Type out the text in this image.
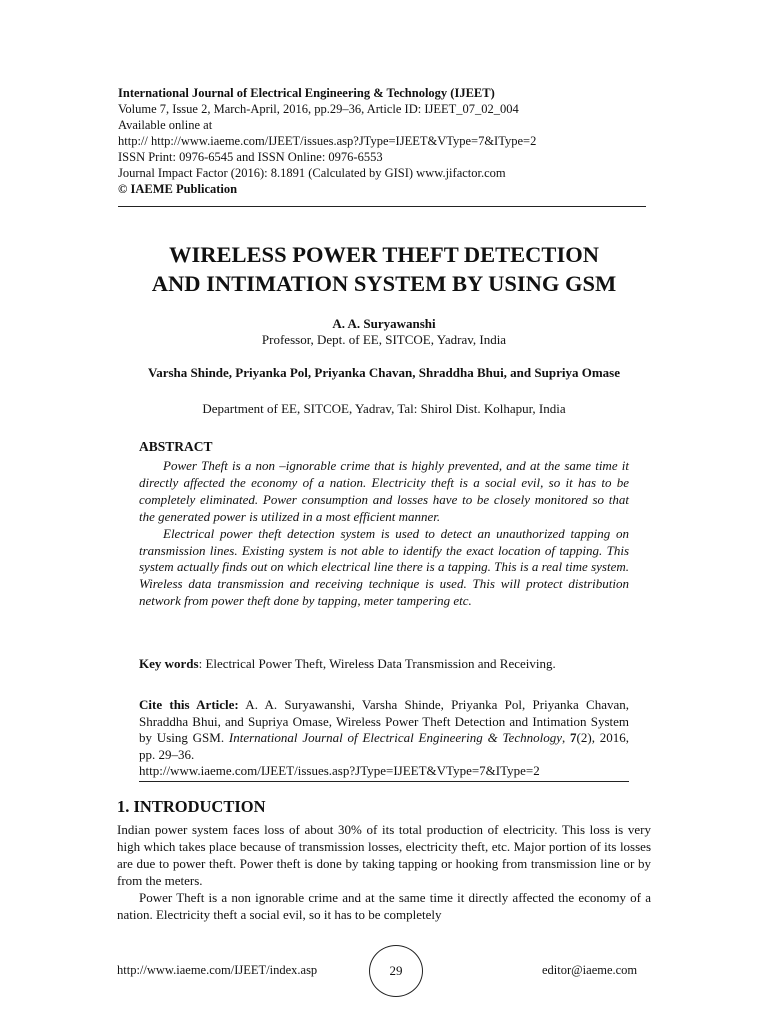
International Journal of Electrical Engineering & Technology (IJEET)
Volume 7, Issue 2, March-April, 2016, pp.29–36, Article ID: IJEET_07_02_004
Available online at
http:// http://www.iaeme.com/IJEET/issues.asp?JType=IJEET&VType=7&IType=2
ISSN Print: 0976-6545 and ISSN Online: 0976-6553
Journal Impact Factor (2016): 8.1891 (Calculated by GISI) www.jifactor.com
© IAEME Publication
WIRELESS POWER THEFT DETECTION
AND INTIMATION SYSTEM BY USING GSM
A. A. Suryawanshi
Professor, Dept. of EE, SITCOE, Yadrav, India
Varsha Shinde, Priyanka Pol, Priyanka Chavan, Shraddha Bhui, and Supriya Omase
Department of EE, SITCOE, Yadrav, Tal: Shirol Dist. Kolhapur, India
ABSTRACT

Power Theft is a non –ignorable crime that is highly prevented, and at the same time it directly affected the economy of a nation. Electricity theft is a social evil, so it has to be completely eliminated. Power consumption and losses have to be closely monitored so that the generated power is utilized in a most efficient manner.

Electrical power theft detection system is used to detect an unauthorized tapping on transmission lines. Existing system is not able to identify the exact location of tapping. This system actually finds out on which electrical line there is a tapping. This is a real time system. Wireless data transmission and receiving technique is used. This will protect distribution network from power theft done by tapping, meter tampering etc.

Key words: Electrical Power Theft, Wireless Data Transmission and Receiving.
Cite this Article: A. A. Suryawanshi, Varsha Shinde, Priyanka Pol, Priyanka Chavan, Shraddha Bhui, and Supriya Omase, Wireless Power Theft Detection and Intimation System by Using GSM. International Journal of Electrical Engineering & Technology, 7(2), 2016, pp. 29–36.
http://www.iaeme.com/IJEET/issues.asp?JType=IJEET&VType=7&IType=2
1. INTRODUCTION

Indian power system faces loss of about 30% of its total production of electricity. This loss is very high which takes place because of transmission losses, electricity theft, etc. Major portion of its losses are due to power theft. Power theft is done by taking tapping or hooking from transmission line or by from the meters.

Power Theft is a non ignorable crime and at the same time it directly affected the economy of a nation. Electricity theft a social evil, so it has to be completely

http://www.iaeme.com/IJEET/index.asp	29	editor@iaeme.com
